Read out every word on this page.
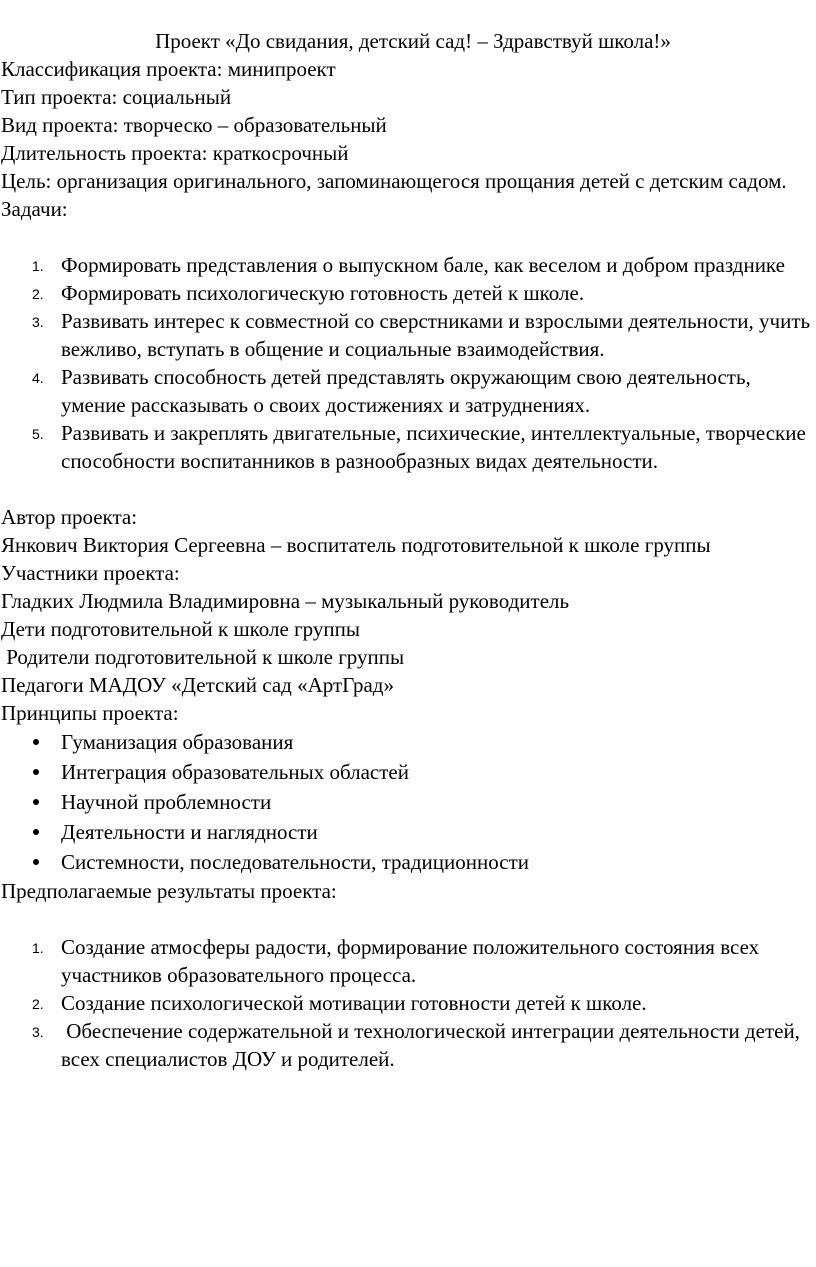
Проект «До свидания, детский сад! – Здравствуй школа!»

Классификация проекта: минипроект

Тип проекта: социальный

Вид проекта: творческо – образовательный

Длительность проекта: краткосрочный

Цель: организация оригинального, запоминающегося прощания детей с детским садом.

Задачи:

1. Формировать представления о выпускном бале, как веселом и добром празднике
2. Формировать психологическую готовность детей к школе.
3. Развивать интерес к совместной со сверстниками и взрослыми деятельности, учить вежливо, вступать в общение и социальные взаимодействия.
4. Развивать способность детей представлять окружающим свою деятельность, умение рассказывать о своих достижениях и затруднениях.
5. Развивать и закреплять двигательные, психические, интеллектуальные, творческие способности воспитанников в разнообразных видах деятельности.

Автор проекта:

Янкович Виктория Сергеевна – воспитатель подготовительной к школе группы

Участники проекта:

Гладких Людмила Владимировна – музыкальный руководитель

Дети подготовительной к школе группы

Родители подготовительной к школе группы

Педагоги МАДОУ «Детский сад «АртГрад»

Принципы проекта:

Гуманизация образования
Интеграция образовательных областей
Научной проблемности
Деятельности и наглядности
Системности, последовательности, традиционности

Предполагаемые результаты проекта:

1. Создание атмосферы радости, формирование положительного состояния всех участников образовательного процесса.
2. Создание психологической мотивации готовности детей к школе.
3. Обеспечение содержательной и технологической интеграции деятельности детей, всех специалистов ДОУ и родителей.
